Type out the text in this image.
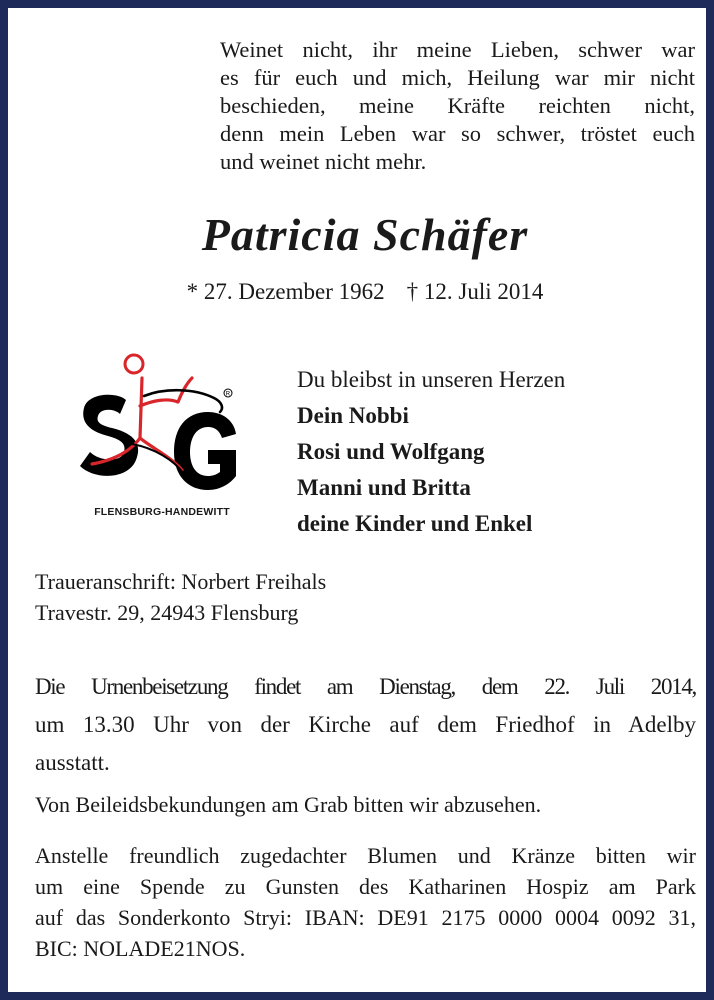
Weinet nicht, ihr meine Lieben, schwer war
es für euch und mich, Heilung war mir nicht
beschieden, meine Kräfte reichten nicht,
denn mein Leben war so schwer, tröstet euch
und weinet nicht mehr.
Patricia Schäfer
* 27. Dezember 1962 † 12. Juli 2014
R
FLENSBURG-HANDEWITT
Du bleibst in unseren Herzen
Dein Nobbi
Rosi und Wolfgang
Manni und Britta
deine Kinder und Enkel
Traueranschrift: Norbert Freihals
Travestr. 29, 24943 Flensburg
Die Urnenbeisetzung findet am Dienstag, dem 22. Juli 2014,
um 13.30 Uhr von der Kirche auf dem Friedhof in Adelby
ausstatt.
Von Beileidsbekundungen am Grab bitten wir abzusehen.
Anstelle freundlich zugedachter Blumen und Kränze bitten wir
um eine Spende zu Gunsten des Katharinen Hospiz am Park
auf das Sonderkonto Stryi: IBAN: DE91 2175 0000 0004 0092 31,
BIC: NOLADE21NOS.
